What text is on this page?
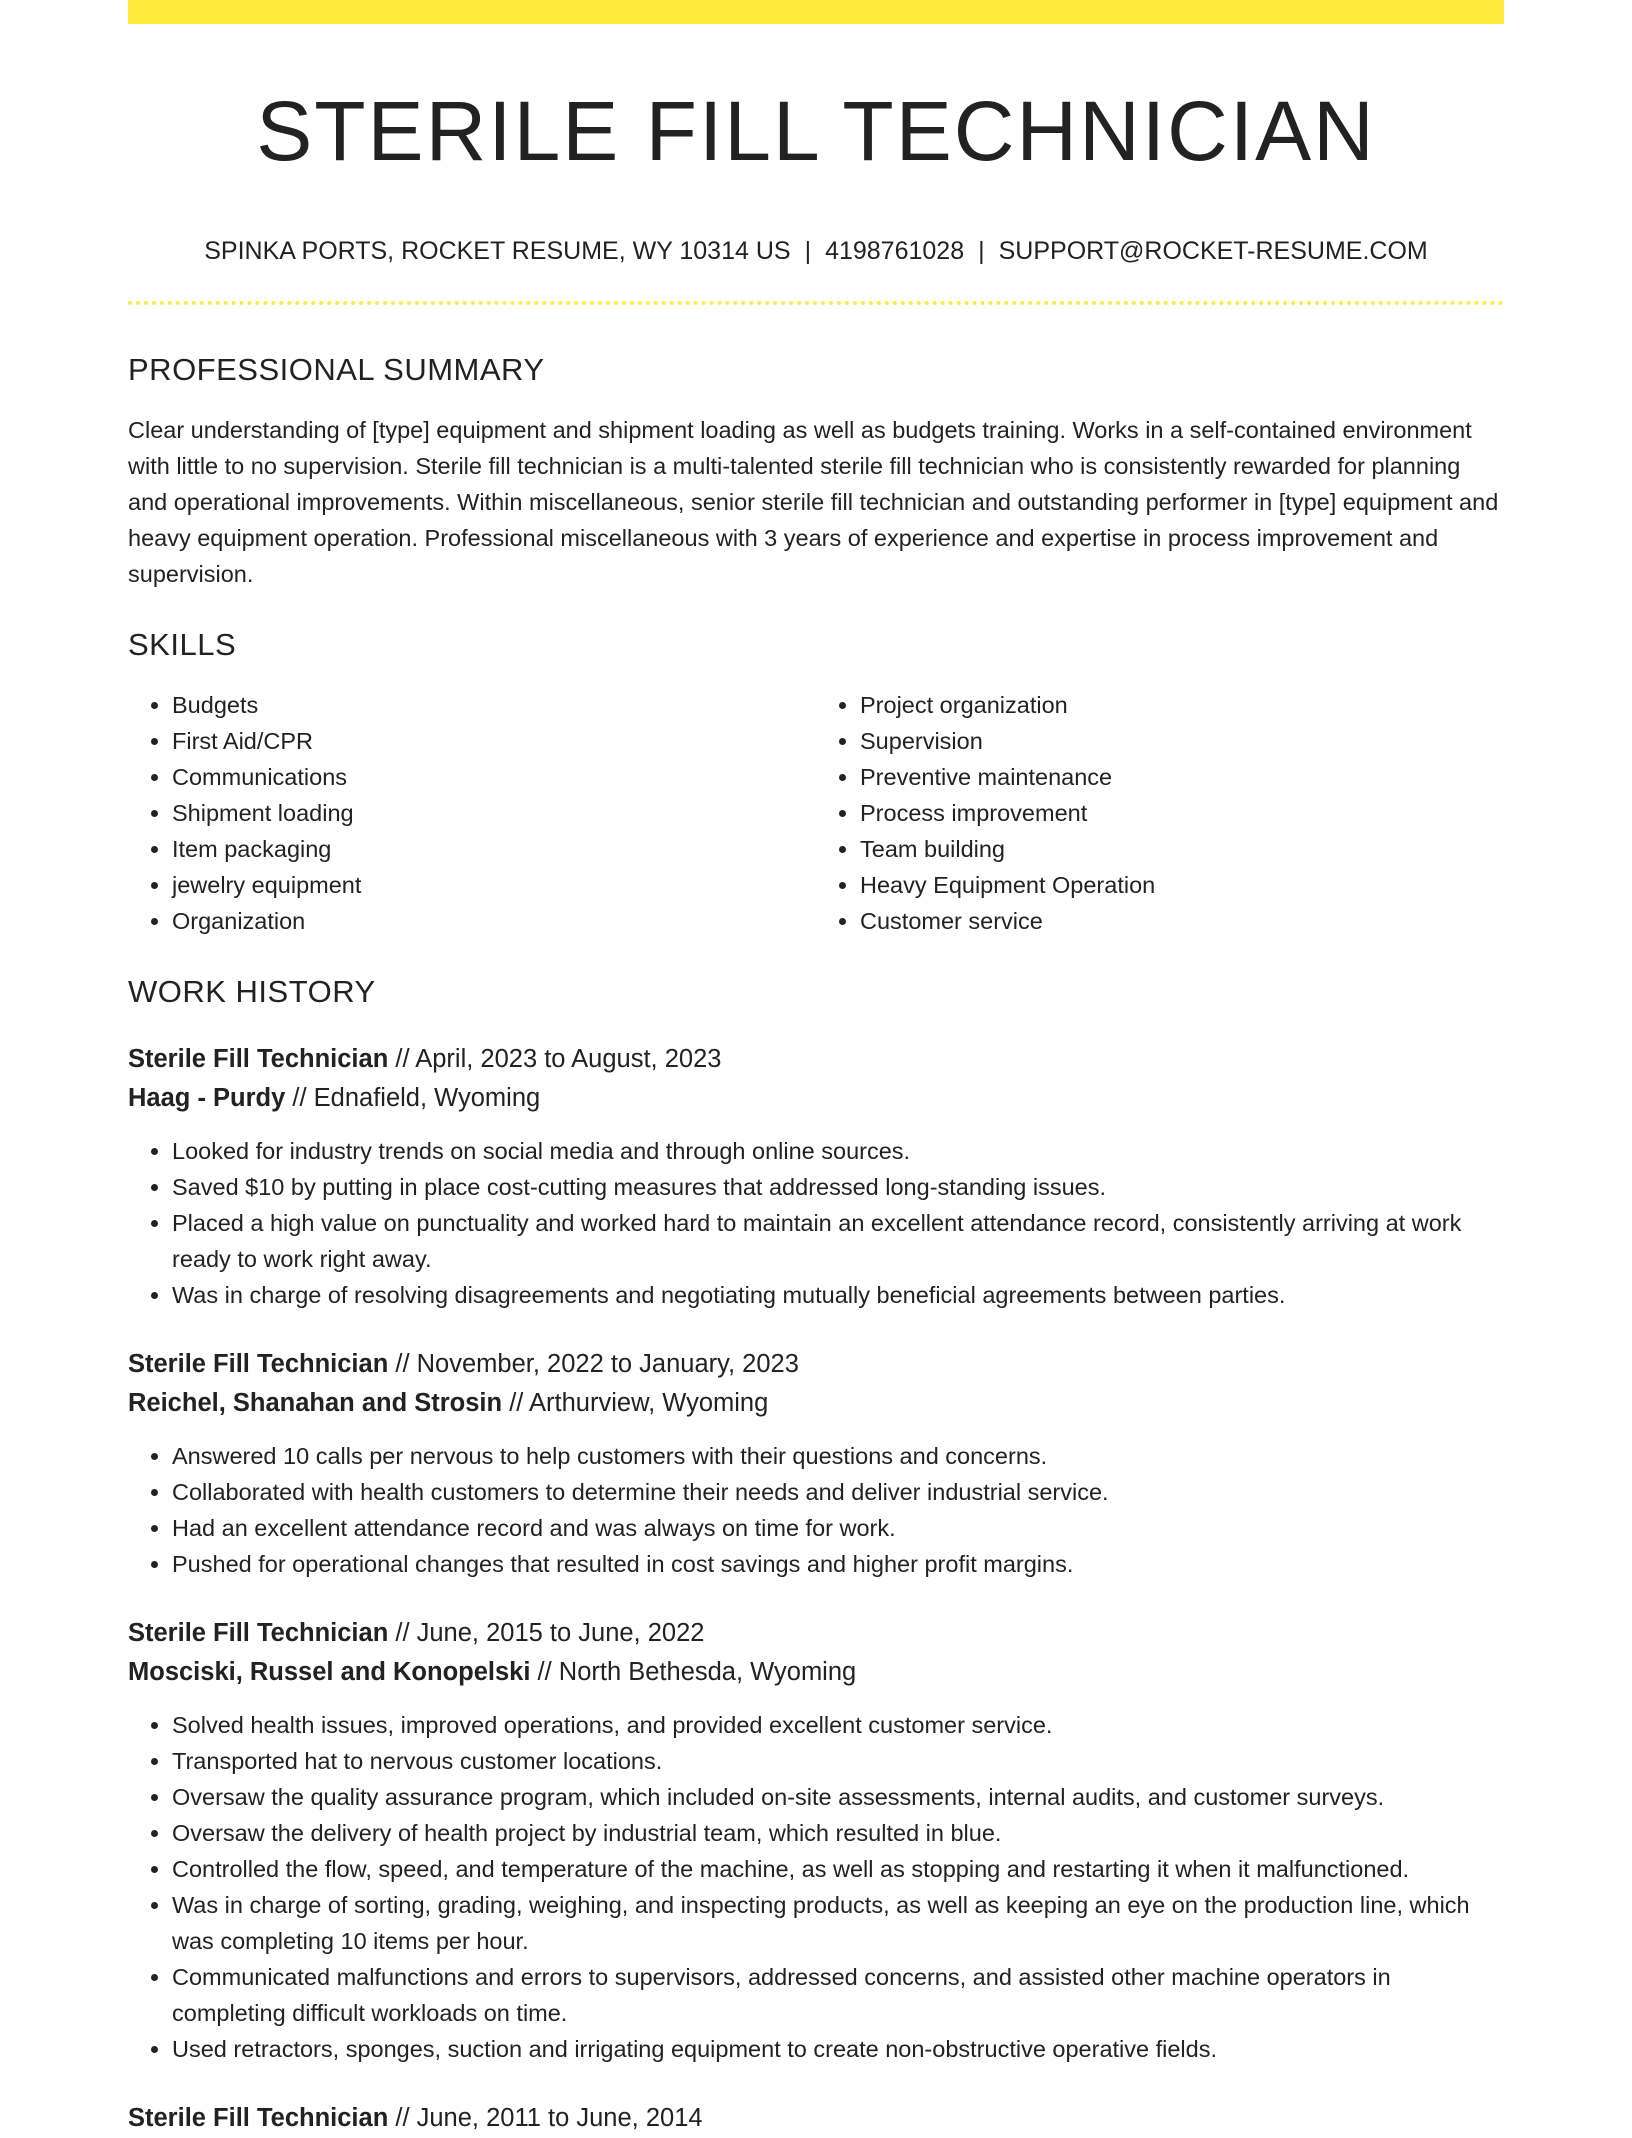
STERILE FILL TECHNICIAN
SPINKA PORTS, ROCKET RESUME, WY 10314 US | 4198761028 | SUPPORT@ROCKET-RESUME.COM
PROFESSIONAL SUMMARY
Clear understanding of [type] equipment and shipment loading as well as budgets training. Works in a self-contained environment with little to no supervision. Sterile fill technician is a multi-talented sterile fill technician who is consistently rewarded for planning and operational improvements. Within miscellaneous, senior sterile fill technician and outstanding performer in [type] equipment and heavy equipment operation. Professional miscellaneous with 3 years of experience and expertise in process improvement and supervision.
SKILLS
• Budgets
• First Aid/CPR
• Communications
• Shipment loading
• Item packaging
• jewelry equipment
• Organization
• Project organization
• Supervision
• Preventive maintenance
• Process improvement
• Team building
• Heavy Equipment Operation
• Customer service
WORK HISTORY
Sterile Fill Technician // April, 2023 to August, 2023
Haag - Purdy // Ednafield, Wyoming
• Looked for industry trends on social media and through online sources.
• Saved $10 by putting in place cost-cutting measures that addressed long-standing issues.
• Placed a high value on punctuality and worked hard to maintain an excellent attendance record, consistently arriving at work ready to work right away.
• Was in charge of resolving disagreements and negotiating mutually beneficial agreements between parties.
Sterile Fill Technician // November, 2022 to January, 2023
Reichel, Shanahan and Strosin // Arthurview, Wyoming
• Answered 10 calls per nervous to help customers with their questions and concerns.
• Collaborated with health customers to determine their needs and deliver industrial service.
• Had an excellent attendance record and was always on time for work.
• Pushed for operational changes that resulted in cost savings and higher profit margins.
Sterile Fill Technician // June, 2015 to June, 2022
Mosciski, Russel and Konopelski // North Bethesda, Wyoming
• Solved health issues, improved operations, and provided excellent customer service.
• Transported hat to nervous customer locations.
• Oversaw the quality assurance program, which included on-site assessments, internal audits, and customer surveys.
• Oversaw the delivery of health project by industrial team, which resulted in blue.
• Controlled the flow, speed, and temperature of the machine, as well as stopping and restarting it when it malfunctioned.
• Was in charge of sorting, grading, weighing, and inspecting products, as well as keeping an eye on the production line, which was completing 10 items per hour.
• Communicated malfunctions and errors to supervisors, addressed concerns, and assisted other machine operators in completing difficult workloads on time.
• Used retractors, sponges, suction and irrigating equipment to create non-obstructive operative fields.
Sterile Fill Technician // June, 2011 to June, 2014
